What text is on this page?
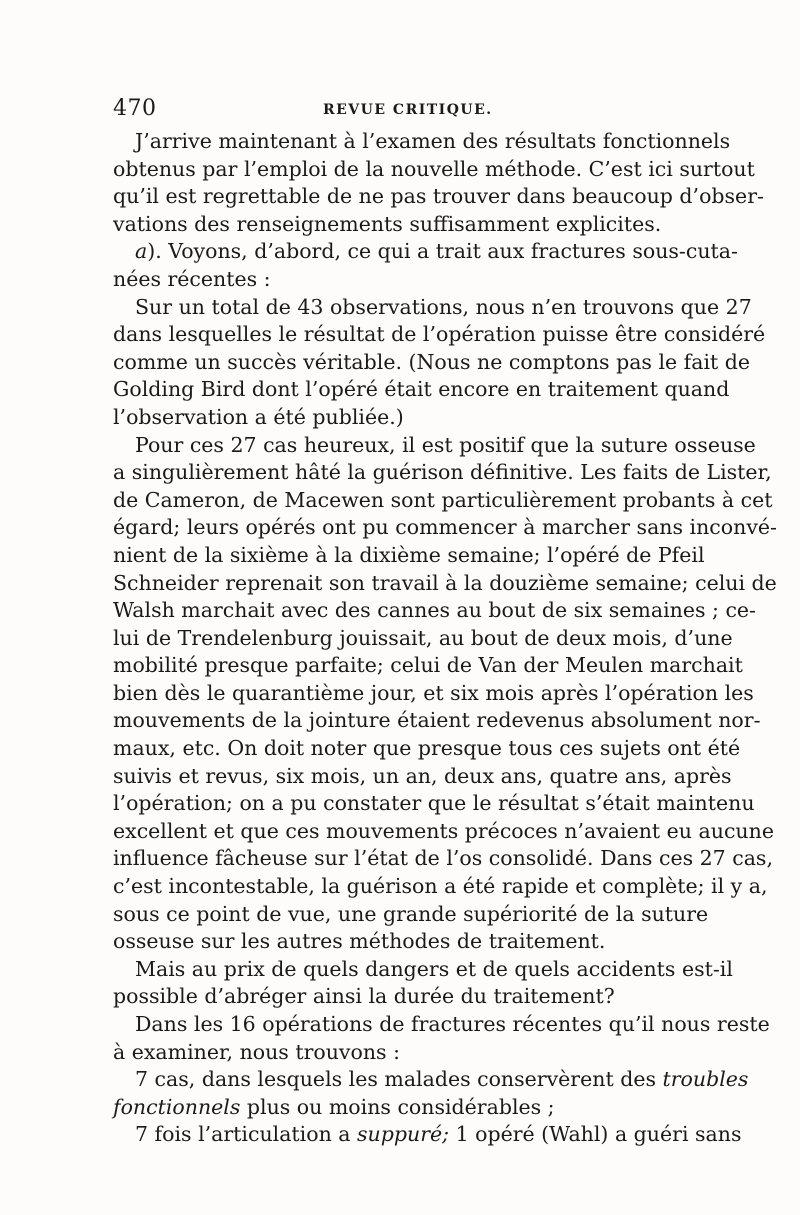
470	REVUE CRITIQUE.
J’arrive maintenant à l’examen des résultats fonctionnels
obtenus par l’emploi de la nouvelle méthode. C’est ici surtout
qu’il est regrettable de ne pas trouver dans beaucoup d’obser-
vations des renseignements suffisamment explicites.
a). Voyons, d’abord, ce qui a trait aux fractures sous-cuta-
nées récentes :
Sur un total de 43 observations, nous n’en trouvons que 27
dans lesquelles le résultat de l’opération puisse être considéré
comme un succès véritable. (Nous ne comptons pas le fait de
Golding Bird dont l’opéré était encore en traitement quand
l’observation a été publiée.)
Pour ces 27 cas heureux, il est positif que la suture osseuse
a singulièrement hâté la guérison définitive. Les faits de Lister,
de Cameron, de Macewen sont particulièrement probants à cet
égard; leurs opérés ont pu commencer à marcher sans inconvé-
nient de la sixième à la dixième semaine; l’opéré de Pfeil
Schneider reprenait son travail à la douzième semaine; celui de
Walsh marchait avec des cannes au bout de six semaines ; ce-
lui de Trendelenburg jouissait, au bout de deux mois, d’une
mobilité presque parfaite; celui de Van der Meulen marchait
bien dès le quarantième jour, et six mois après l’opération les
mouvements de la jointure étaient redevenus absolument nor-
maux, etc. On doit noter que presque tous ces sujets ont été
suivis et revus, six mois, un an, deux ans, quatre ans, après
l’opération; on a pu constater que le résultat s’était maintenu
excellent et que ces mouvements précoces n’avaient eu aucune
influence fâcheuse sur l’état de l’os consolidé. Dans ces 27 cas,
c’est incontestable, la guérison a été rapide et complète; il y a,
sous ce point de vue, une grande supériorité de la suture
osseuse sur les autres méthodes de traitement.
Mais au prix de quels dangers et de quels accidents est-il
possible d’abréger ainsi la durée du traitement?
Dans les 16 opérations de fractures récentes qu’il nous reste
à examiner, nous trouvons :
7 cas, dans lesquels les malades conservèrent des troubles
fonctionnels plus ou moins considérables ;
7 fois l’articulation a suppuré; 1 opéré (Wahl) a guéri sans
